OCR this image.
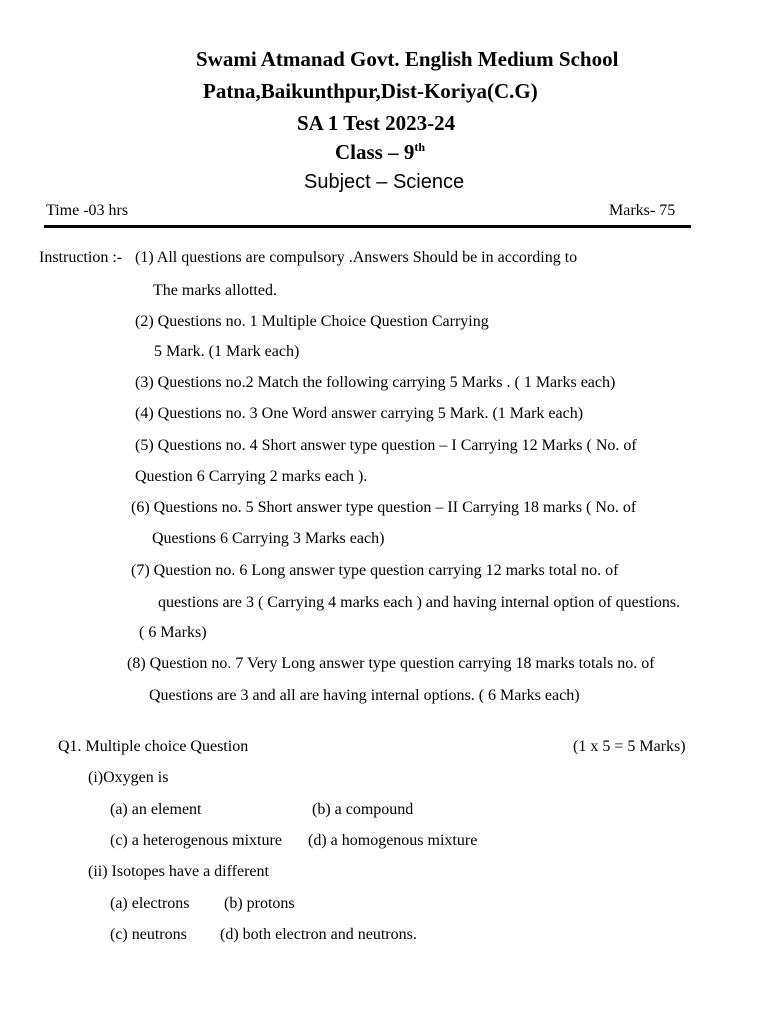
Swami Atmanad Govt. English Medium School
Patna,Baikunthpur,Dist-Koriya(C.G)
SA 1 Test 2023-24
Class – 9th
Subject – Science
Time -03 hrs	Marks- 75
Instruction :- (1) All questions are compulsory .Answers Should be in according to
The marks allotted.
(2) Questions no. 1 Multiple Choice Question Carrying
5 Mark. (1 Mark each)
(3) Questions no.2 Match the following carrying 5 Marks . ( 1 Marks each)
(4) Questions no. 3 One Word answer carrying 5 Mark. (1 Mark each)
(5) Questions no. 4 Short answer type question – I Carrying 12 Marks ( No. of
Question 6 Carrying 2 marks each ).
(6) Questions no. 5 Short answer type question – II Carrying 18 marks ( No. of
Questions 6 Carrying 3 Marks each)
(7) Question no. 6 Long answer type question carrying 12 marks total no. of
questions are 3 ( Carrying 4 marks each ) and having internal option of questions.
( 6 Marks)
(8) Question no. 7 Very Long answer type question carrying 18 marks totals no. of
Questions are 3 and all are having internal options. ( 6 Marks each)
Q1. Multiple choice Question	(1 x 5 = 5 Marks)
(i)Oxygen is
(a) an element	(b) a compound
(c) a heterogenous mixture (d) a homogenous mixture
(ii) Isotopes have a different
(a) electrons (b) protons
(c) neutrons (d) both electron and neutrons.
